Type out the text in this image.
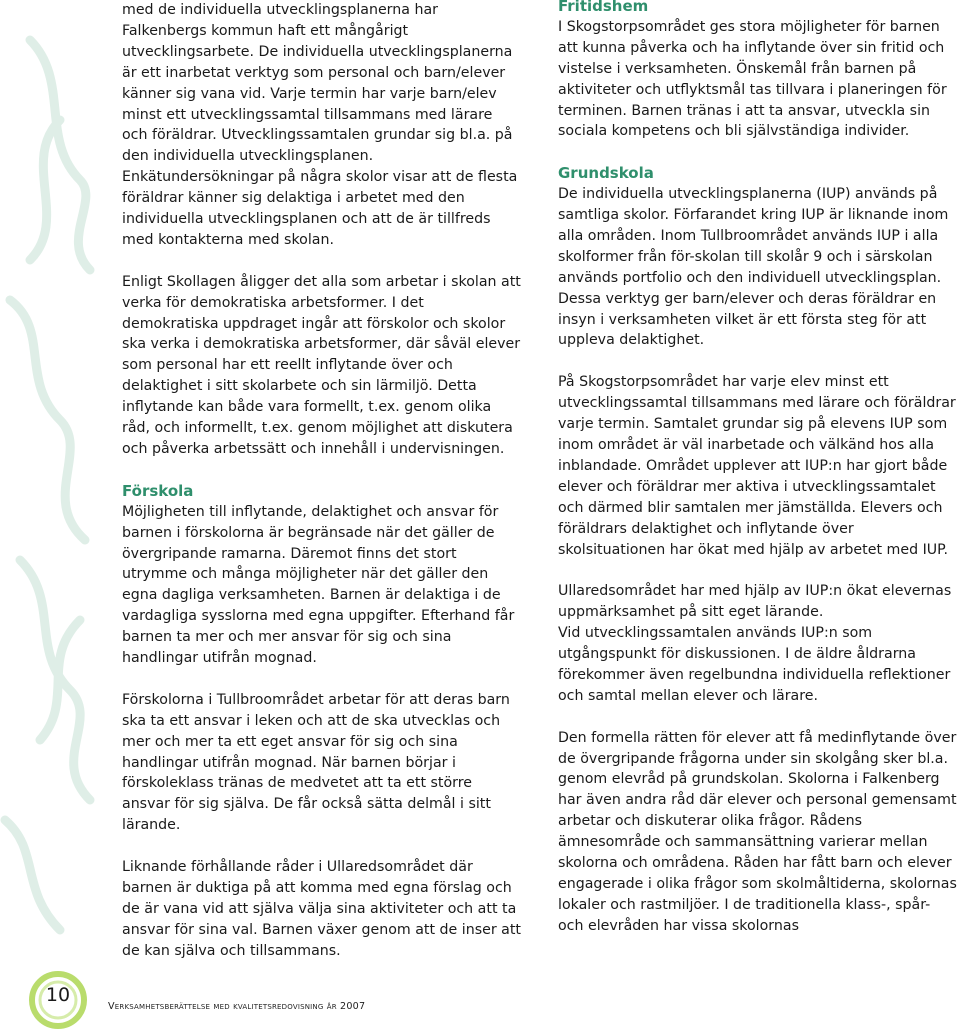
med de individuella utvecklingsplanerna har Falkenbergs kommun haft ett mångårigt utvecklingsarbete. De individuella utvecklingsplanerna är ett inarbetat verktyg som personal och barn/elever känner sig vana vid. Varje termin har varje barn/elev minst ett utvecklingssamtal tillsammans med lärare och föräldrar. Utvecklingssamtalen grundar sig bl.a. på den individuella utvecklingsplanen. Enkätundersökningar på några skolor visar att de flesta föräldrar känner sig delaktiga i arbetet med den individuella utvecklingsplanen och att de är tillfreds med kontakterna med skolan.

Enligt Skollagen åligger det alla som arbetar i skolan att verka för demokratiska arbetsformer. I det demokratiska uppdraget ingår att förskolor och skolor ska verka i demokratiska arbetsformer, där såväl elever som personal har ett reellt inflytande över och delaktighet i sitt skolarbete och sin lärmiljö. Detta inflytande kan både vara formellt, t.ex. genom olika råd, och informellt, t.ex. genom möjlighet att diskutera och påverka arbetssätt och innehåll i undervisningen.

Förskola

Möjligheten till inflytande, delaktighet och ansvar för barnen i förskolorna är begränsade när det gäller de övergripande ramarna. Däremot finns det stort utrymme och många möjligheter när det gäller den egna dagliga verksamheten. Barnen är delaktiga i de vardagliga sysslorna med egna uppgifter. Efterhand får barnen ta mer och mer ansvar för sig och sina handlingar utifrån mognad.

Förskolorna i Tullbroområdet arbetar för att deras barn ska ta ett ansvar i leken och att de ska utvecklas och mer och mer ta ett eget ansvar för sig och sina handlingar utifrån mognad. När barnen börjar i förskoleklass tränas de medvetet att ta ett större ansvar för sig själva. De får också sätta delmål i sitt lärande.

Liknande förhållande råder i Ullaredsområdet där barnen är duktiga på att komma med egna förslag och de är vana vid att själva välja sina aktiviteter och att ta ansvar för sina val. Barnen växer genom att de inser att de kan själva och tillsammans.

Fritidshem

I Skogstorpsområdet ges stora möjligheter för barnen att kunna påverka och ha inflytande över sin fritid och vistelse i verksamheten. Önskemål från barnen på aktiviteter och utflyktsmål tas tillvara i planeringen för terminen. Barnen tränas i att ta ansvar, utveckla sin sociala kompetens och bli självständiga individer.

Grundskola

De individuella utvecklingsplanerna (IUP) används på samtliga skolor. Förfarandet kring IUP är liknande inom alla områden. Inom Tullbroområdet används IUP i alla skolformer från för-skolan till skolår 9 och i särskolan används portfolio och den individuell utvecklingsplan. Dessa verktyg ger barn/elever och deras föräldrar en insyn i verksamheten vilket är ett första steg för att uppleva delaktighet.

På Skogstorpsområdet har varje elev minst ett utvecklingssamtal tillsammans med lärare och föräldrar varje termin. Samtalet grundar sig på elevens IUP som inom området är väl inarbetade och välkänd hos alla inblandade. Området upplever att IUP:n har gjort både elever och föräldrar mer aktiva i utvecklingssamtalet och därmed blir samtalen mer jämställda. Elevers och föräldrars delaktighet och inflytande över skolsituationen har ökat med hjälp av arbetet med IUP.

Ullaredsområdet har med hjälp av IUP:n ökat elevernas uppmärksamhet på sitt eget lärande.

Vid utvecklingssamtalen används IUP:n som utgångspunkt för diskussionen. I de äldre åldrarna förekommer även regelbundna individuella reflektioner och samtal mellan elever och lärare.

Den formella rätten för elever att få medinflytande över de övergripande frågorna under sin skolgång sker bl.a. genom elevråd på grundskolan. Skolorna i Falkenberg har även andra råd där elever och personal gemensamt arbetar och diskuterar olika frågor. Rådens ämnesområde och sammansättning varierar mellan skolorna och områdena. Råden har fått barn och elever engagerade i olika frågor som skolmåltiderna, skolornas lokaler och rastmiljöer. I de traditionella klass-, spår- och elevråden har vissa skolornas

10
Verksamhetsberättelse med kvalitetsredovisning år 2007
